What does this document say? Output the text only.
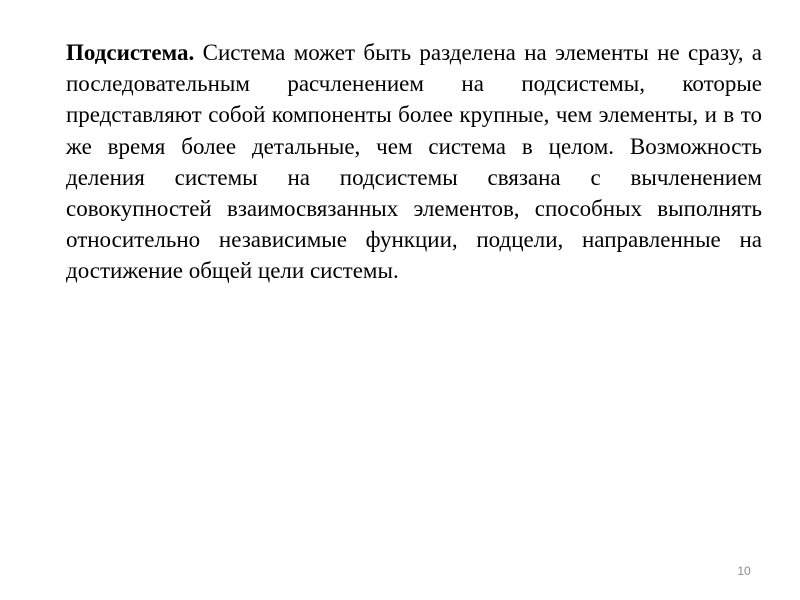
Подсистема. Система может быть разделена на элементы не сразу, а последовательным расчленением на подсистемы, которые представляют собой компоненты более крупные, чем элементы, и в то же время более детальные, чем система в целом. Возможность деления системы на подсистемы связана с вычленением совокупностей взаимосвязанных элементов, способных выполнять относительно независимые функции, подцели, направленные на достижение общей цели системы.

10
